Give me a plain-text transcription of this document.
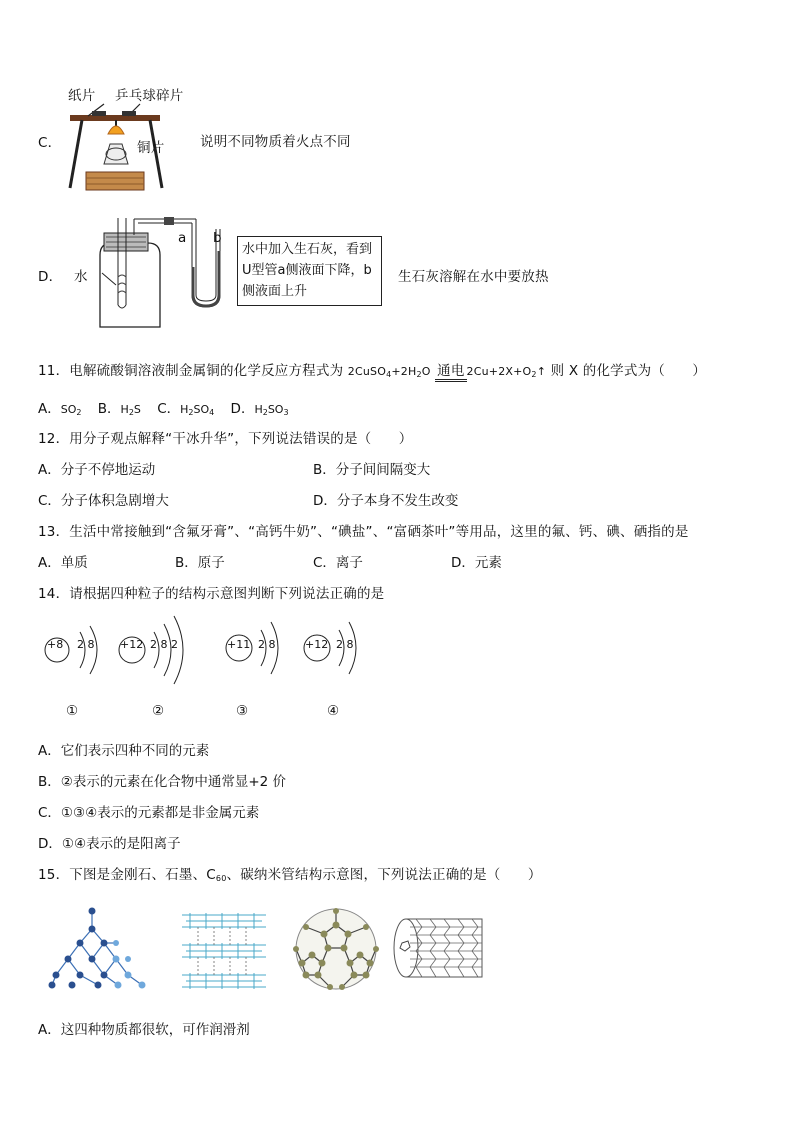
纸片 乒乓球碎片
C．	铜片	说明不同物质着火点不同
D． 水
a b
水中加入生石灰，看到U型管a侧液面下降，b侧液面上升
生石灰溶解在水中要放热
11．电解硫酸铜溶液制金属铜的化学反应方程式为 $2CuSO_4+2H_2O$ 通电 $2Cu+2X+O_2↑$ 则 X 的化学式为（　　）
A．$SO_2$ B．$H_2S$ C．$H_2SO_4$ D．$H_2SO_3$
12．用分子观点解释“干冰升华”，下列说法错误的是（　　）
A．分子不停地运动	B．分子间间隔变大
C．分子体积急剧增大	D．分子本身不发生改变
13．生活中常接触到“含氟牙膏”、“高钙牛奶”、“碘盐”、“富硒茶叶”等用品，这里的氟、钙、碘、硒指的是
A．单质	B．原子	C．离子	D．元素
14．请根据四种粒子的结构示意图判断下列说法正确的是
+8 2 8 +12 2 8 2	+11 2 8	+12 2 8
①	②	③	④
A．它们表示四种不同的元素
B．②表示的元素在化合物中通常显+2 价
C．①③④表示的元素都是非金属元素
D．①④表示的是阳离子
15．下图是金刚石、石墨、$C_{60}$、碳纳米管结构示意图，下列说法正确的是（　　）
A．这四种物质都很软，可作润滑剂
